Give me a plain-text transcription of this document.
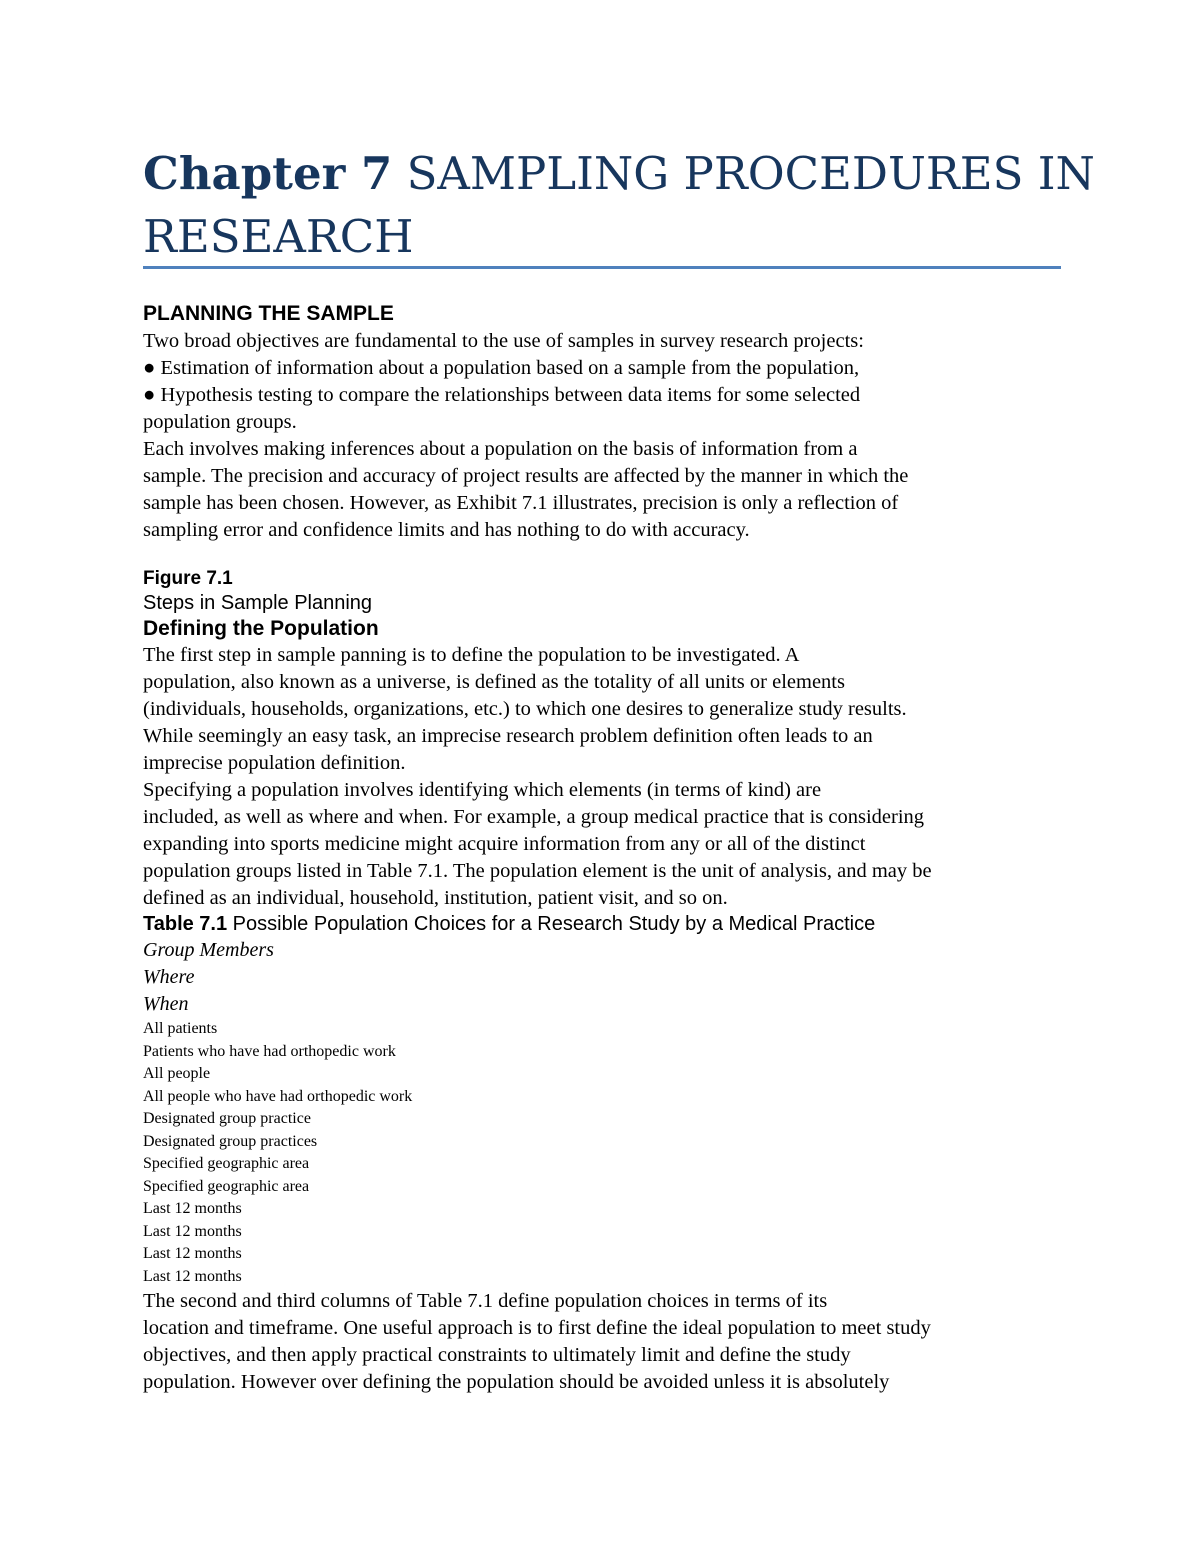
Chapter 7 SAMPLING PROCEDURES IN
RESEARCH
PLANNING THE SAMPLE

Two broad objectives are fundamental to the use of samples in survey research projects:

● Estimation of information about a population based on a sample from the population,

● Hypothesis testing to compare the relationships between data items for some selected

population groups.

Each involves making inferences about a population on the basis of information from a

sample. The precision and accuracy of project results are affected by the manner in which the

sample has been chosen. However, as Exhibit 7.1 illustrates, precision is only a reflection of

sampling error and confidence limits and has nothing to do with accuracy.

Figure 7.1
Steps in Sample Planning
Defining the Population

The first step in sample panning is to define the population to be investigated. A

population, also known as a universe, is defined as the totality of all units or elements

(individuals, households, organizations, etc.) to which one desires to generalize study results.

While seemingly an easy task, an imprecise research problem definition often leads to an

imprecise population definition.

Specifying a population involves identifying which elements (in terms of kind) are

included, as well as where and when. For example, a group medical practice that is considering

expanding into sports medicine might acquire information from any or all of the distinct

population groups listed in Table 7.1. The population element is the unit of analysis, and may be

defined as an individual, household, institution, patient visit, and so on.

Table 7.1 Possible Population Choices for a Research Study by a Medical Practice
Group Members
Where
When
All patients
Patients who have had orthopedic work
All people
All people who have had orthopedic work
Designated group practice
Designated group practices
Specified geographic area
Specified geographic area
Last 12 months
Last 12 months
Last 12 months
Last 12 months

The second and third columns of Table 7.1 define population choices in terms of its

location and timeframe. One useful approach is to first define the ideal population to meet study

objectives, and then apply practical constraints to ultimately limit and define the study

population. However over defining the population should be avoided unless it is absolutely
